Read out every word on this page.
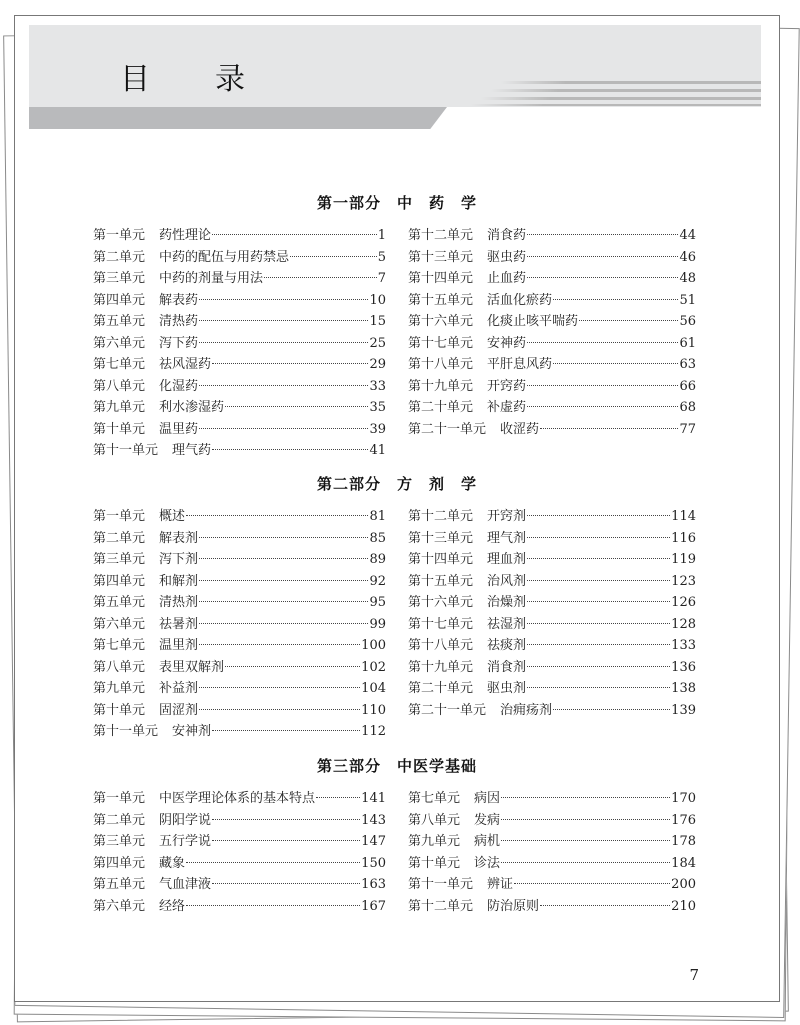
目 录
第一部分　中　药　学
第一单元 药性理论	1
第二单元 中药的配伍与用药禁忌	5
第三单元 中药的剂量与用法	7
第四单元 解表药	10
第五单元 清热药	15
第六单元 泻下药	25
第七单元 祛风湿药	29
第八单元 化湿药	33
第九单元 利水渗湿药	35
第十单元 温里药	39
第十一单元 理气药	41
第十二单元 消食药	44
第十三单元 驱虫药	46
第十四单元 止血药	48
第十五单元 活血化瘀药	51
第十六单元 化痰止咳平喘药	56
第十七单元 安神药	61
第十八单元 平肝息风药	63
第十九单元 开窍药	66
第二十单元 补虚药	68
第二十一单元 收涩药	77
第二部分　方　剂　学
第一单元 概述	81
第二单元 解表剂	85
第三单元 泻下剂	89
第四单元 和解剂	92
第五单元 清热剂	95
第六单元 祛暑剂	99
第七单元 温里剂	100
第八单元 表里双解剂	102
第九单元 补益剂	104
第十单元 固涩剂	110
第十一单元 安神剂	112
第十二单元 开窍剂	114
第十三单元 理气剂	116
第十四单元 理血剂	119
第十五单元 治风剂	123
第十六单元 治燥剂	126
第十七单元 祛湿剂	128
第十八单元 祛痰剂	133
第十九单元 消食剂	136
第二十单元 驱虫剂	138
第二十一单元 治痈疡剂	139
第三部分　中医学基础
第一单元 中医学理论体系的基本特点	141
第二单元 阴阳学说	143
第三单元 五行学说	147
第四单元 藏象	150
第五单元 气血津液	163
第六单元 经络	167
第七单元 病因	170
第八单元 发病	176
第九单元 病机	178
第十单元 诊法	184
第十一单元 辨证	200
第十二单元 防治原则	210
7
